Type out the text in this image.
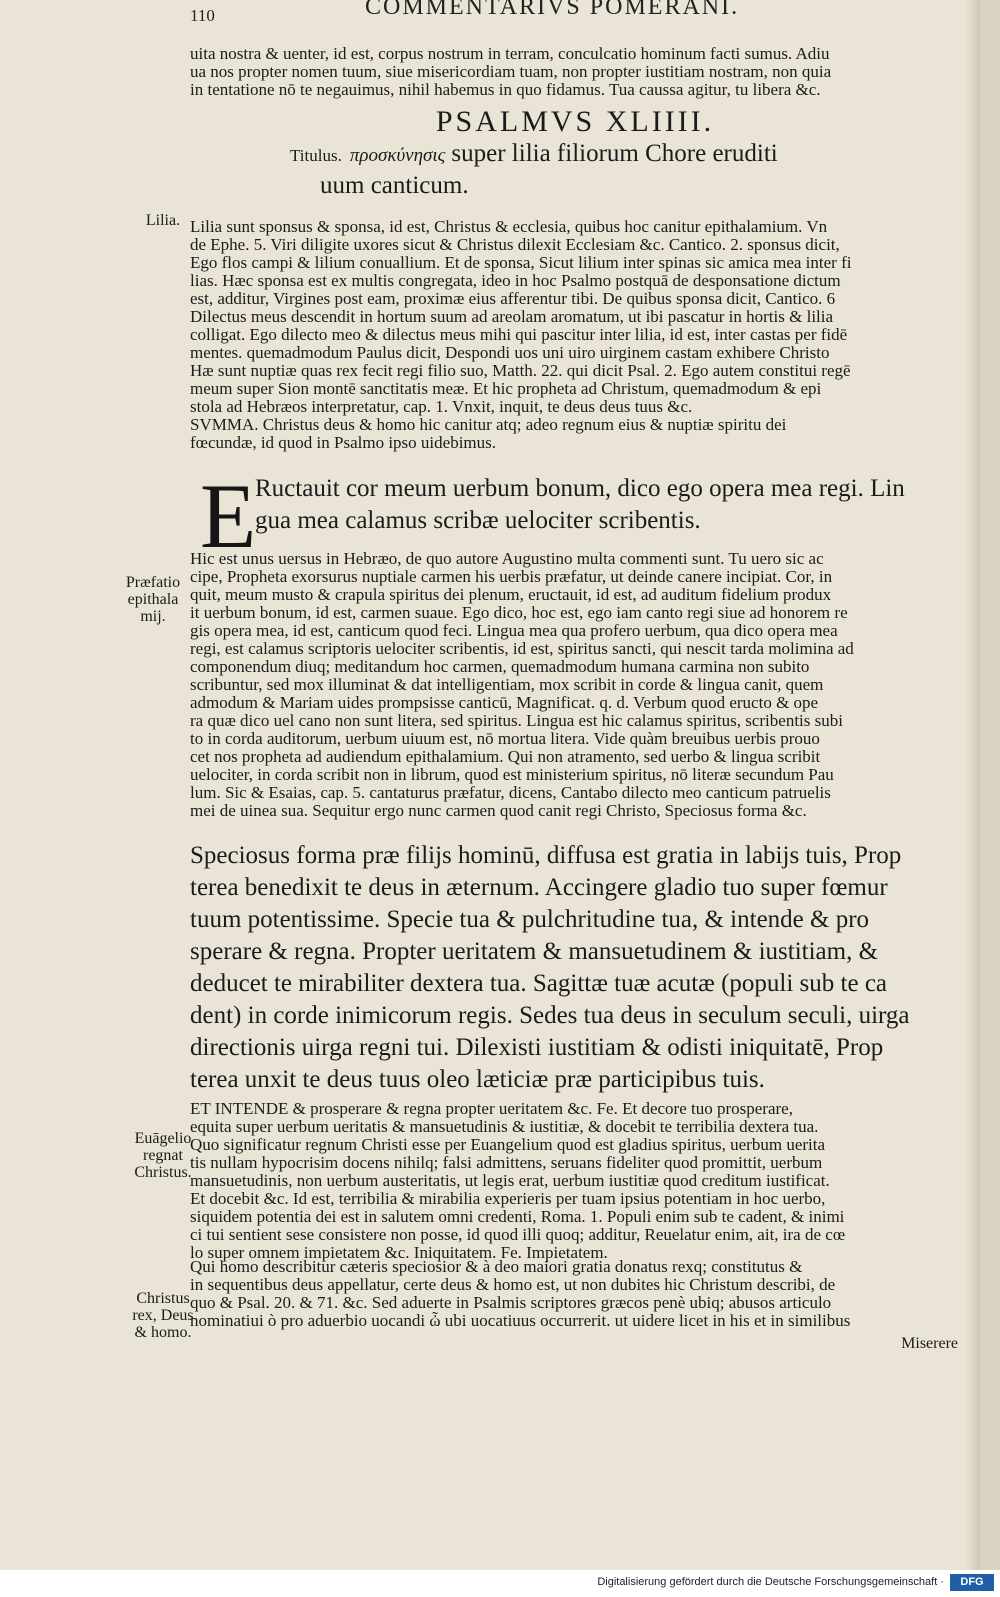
110	COMMENTARIVS POMERANI.

uita nostra & uenter, id est, corpus nostrum in terram, conculcatio hominum facti sumus. Adiu

ua nos propter nomen tuum, siue misericordiam tuam, non propter iustitiam nostram, non quia

in tentatione nō te negauimus, nihil habemus in quo fidamus. Tua caussa agitur, tu libera &c.

PSALMVS XLIIII.
Titulus. προσκύνησις super lilia filiorum Chore eruditi
uum canticum.
Lilia. Lilia sunt sponsus & sponsa, id est, Christus & ecclesia, quibus hoc canitur epithalamium. Vn

de Ephe. 5. Viri diligite uxores sicut & Christus dilexit Ecclesiam &c. Cantico. 2. sponsus dicit,

Ego flos campi & lilium conuallium. Et de sponsa, Sicut lilium inter spinas sic amica mea inter fi

lias. Hæc sponsa est ex multis congregata, ideo in hoc Psalmo postquā de desponsatione dictum

est, additur, Virgines post eam, proximæ eius afferentur tibi. De quibus sponsa dicit, Cantico. 6

Dilectus meus descendit in hortum suum ad areolam aromatum, ut ibi pascatur in hortis & lilia

colligat. Ego dilecto meo & dilectus meus mihi qui pascitur inter lilia, id est, inter castas per fidē

mentes. quemadmodum Paulus dicit, Despondi uos uni uiro uirginem castam exhibere Christo

Hæ sunt nuptiæ quas rex fecit regi filio suo, Matth. 22. qui dicit Psal. 2. Ego autem constitui regē

meum super Sion montē sanctitatis meæ. Et hic propheta ad Christum, quemadmodum & epi

stola ad Hebræos interpretatur, cap. 1. Vnxit, inquit, te deus deus tuus &c.

SVMMA. Christus deus & homo hic canitur atq; adeo regnum eius & nuptiæ spiritu dei

fœcundæ, id quod in Psalmo ipso uidebimus.

E

Ructauit cor meum uerbum bonum, dico ego opera mea regi. Lin

gua mea calamus scribæ uelociter scribentis.

Præfatio
epithala
mij.

Hic est unus uersus in Hebræo, de quo autore Augustino multa commenti sunt. Tu uero sic ac

cipe, Propheta exorsurus nuptiale carmen his uerbis præfatur, ut deinde canere incipiat. Cor, in

quit, meum musto & crapula spiritus dei plenum, eructauit, id est, ad auditum fidelium produx

it uerbum bonum, id est, carmen suaue. Ego dico, hoc est, ego iam canto regi siue ad honorem re

gis opera mea, id est, canticum quod feci. Lingua mea qua profero uerbum, qua dico opera mea

regi, est calamus scriptoris uelociter scribentis, id est, spiritus sancti, qui nescit tarda molimina ad

componendum diuq; meditandum hoc carmen, quemadmodum humana carmina non subito

scribuntur, sed mox illuminat & dat intelligentiam, mox scribit in corde & lingua canit, quem

admodum & Mariam uides prompsisse canticū, Magnificat. q. d. Verbum quod eructo & ope

ra quæ dico uel cano non sunt litera, sed spiritus. Lingua est hic calamus spiritus, scribentis subi

to in corda auditorum, uerbum uiuum est, nō mortua litera. Vide quàm breuibus uerbis prouo

cet nos propheta ad audiendum epithalamium. Qui non atramento, sed uerbo & lingua scribit

uelociter, in corda scribit non in librum, quod est ministerium spiritus, nō literæ secundum Pau

lum. Sic & Esaias, cap. 5. cantaturus præfatur, dicens, Cantabo dilecto meo canticum patruelis

mei de uinea sua. Sequitur ergo nunc carmen quod canit regi Christo, Speciosus forma &c.

Speciosus forma præ filijs hominū, diffusa est gratia in labijs tuis, Prop

terea benedixit te deus in æternum. Accingere gladio tuo super fœmur

tuum potentissime. Specie tua & pulchritudine tua, & intende & pro

sperare & regna. Propter ueritatem & mansuetudinem & iustitiam, &

deducet te mirabiliter dextera tua. Sagittæ tuæ acutæ (populi sub te ca

dent) in corde inimicorum regis. Sedes tua deus in seculum seculi, uirga

directionis uirga regni tui. Dilexisti iustitiam & odisti iniquitatē, Prop

terea unxit te deus tuus oleo læticiæ præ participibus tuis.

Euāgelio
regnat
Christus.

ET INTENDE & prosperare & regna propter ueritatem &c. Fe. Et decore tuo prosperare,

equita super uerbum ueritatis & mansuetudinis & iustitiæ, & docebit te terribilia dextera tua.

Quo significatur regnum Christi esse per Euangelium quod est gladius spiritus, uerbum uerita

tis nullam hypocrisim docens nihilq; falsi admittens, seruans fideliter quod promittit, uerbum

mansuetudinis, non uerbum austeritatis, ut legis erat, uerbum iustitiæ quod creditum iustificat.

Et docebit &c. Id est, terribilia & mirabilia experieris per tuam ipsius potentiam in hoc uerbo,

siquidem potentia dei est in salutem omni credenti, Roma. 1. Populi enim sub te cadent, & inimi

ci tui sentient sese consistere non posse, id quod illi quoq; additur, Reuelatur enim, ait, ira de cœ

lo super omnem impietatem &c. Iniquitatem. Fe. Impietatem.

Christus
rex, Deus
& homo.

Qui homo describitur cæteris speciosior & à deo maiori gratia donatus rexq; constitutus &

in sequentibus deus appellatur, certe deus & homo est, ut non dubites hic Christum describi, de

quo & Psal. 20. & 71. &c. Sed aduerte in Psalmis scriptores græcos penè ubiq; abusos articulo

nominatiui ò pro aduerbio uocandi ὦ ubi uocatiuus occurrerit. ut uidere licet in his et in similibus

Miserere
Digitalisierung gefördert durch die Deutsche Forschungsgemeinschaft ·	DFG
